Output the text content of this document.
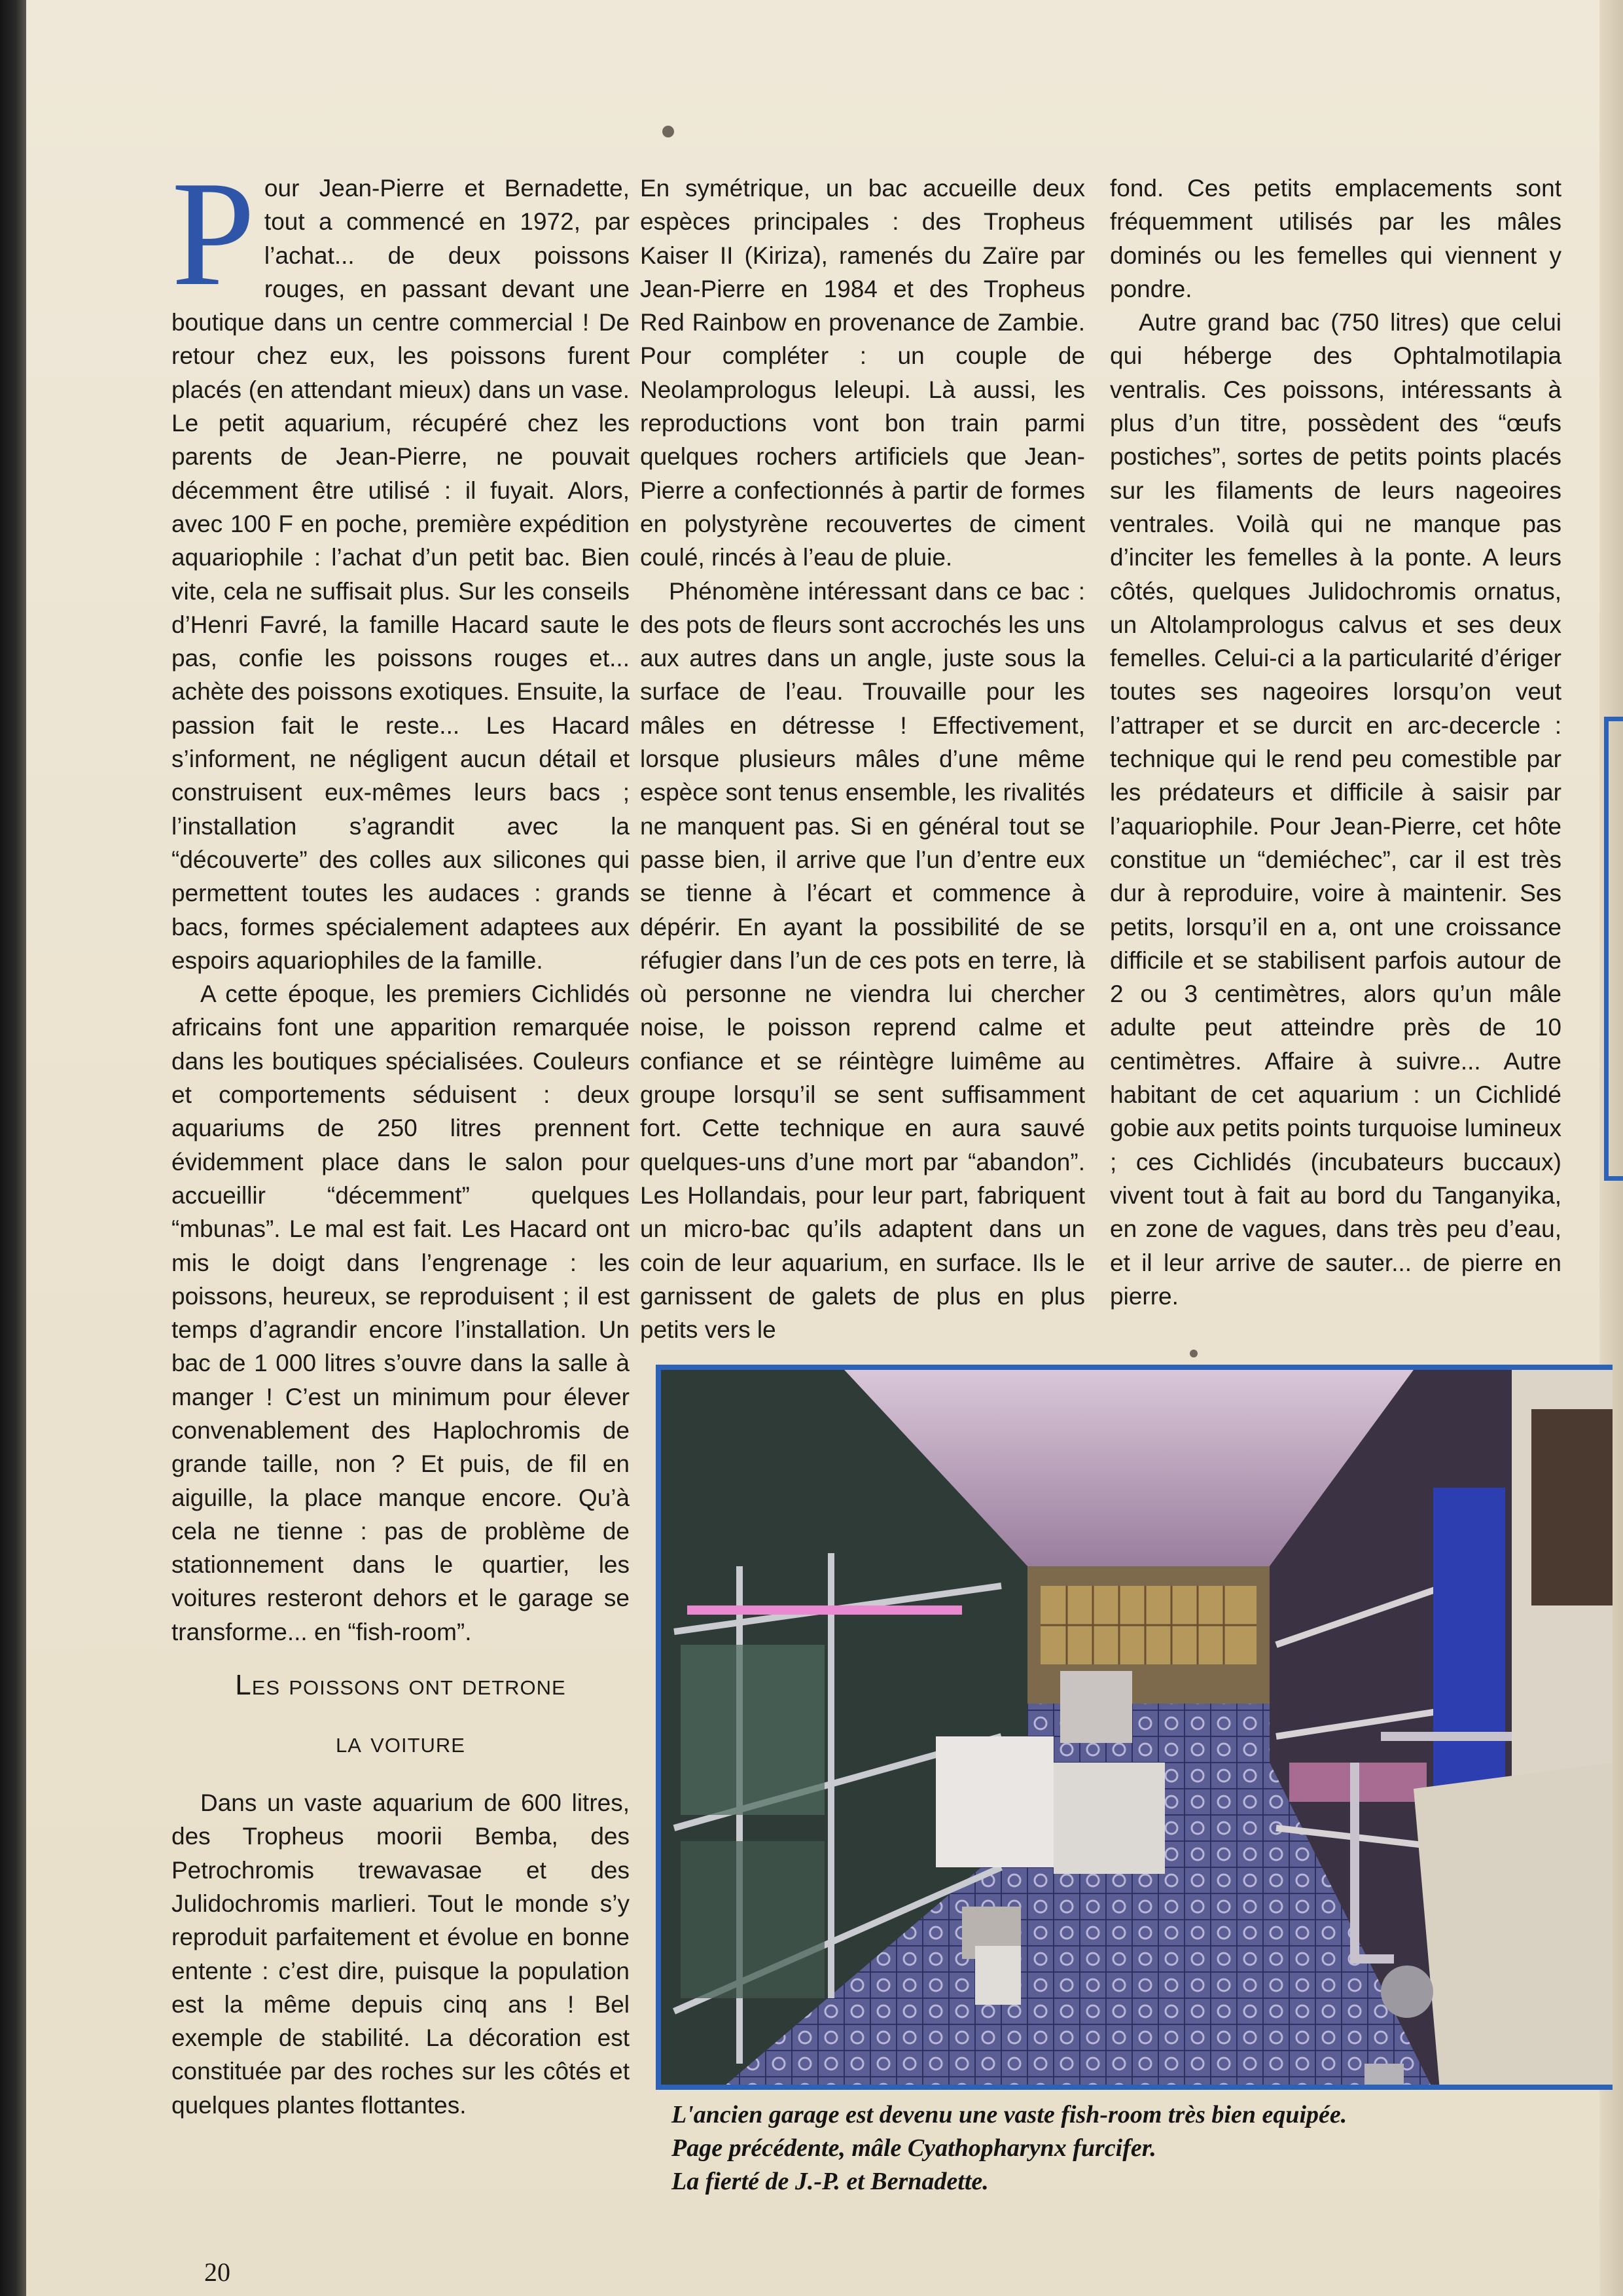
P our Jean-Pierre et Bernadette, tout a commencé en 1972, par l’achat... de deux poissons rouges, en passant devant une boutique dans un centre commercial ! De retour chez eux, les poissons furent placés (en attendant mieux) dans un vase. Le petit aquarium, récupéré chez les parents de Jean-Pierre, ne pouvait décemment être utilisé : il fuyait. Alors, avec 100 F en poche, première expédition aquariophile : l’achat d’un petit bac. Bien vite, cela ne suffisait plus. Sur les conseils d’Henri Favré, la famille Hacard saute le pas, confie les poissons rouges et... achète des poissons exotiques. Ensuite, la passion fait le reste... Les Hacard s’informent, ne négligent aucun détail et construisent eux-mêmes leurs bacs ; l’installation s’agrandit avec la “découverte” des colles aux silicones qui permettent toutes les audaces : grands bacs, formes spécialement adaptees aux espoirs aquariophiles de la famille.

A cette époque, les premiers Cichlidés africains font une apparition remarquée dans les boutiques spécialisées. Couleurs et comportements séduisent : deux aquariums de 250 litres prennent évidemment place dans le salon pour accueillir “décemment” quelques “mbunas”. Le mal est fait. Les Hacard ont mis le doigt dans l’engrenage : les poissons, heureux, se reproduisent ; il est temps d’agrandir encore l’installation. Un bac de 1 000 litres s’ouvre dans la salle à manger ! C’est un minimum pour élever convenablement des Haplochromis de grande taille, non ? Et puis, de fil en aiguille, la place manque encore. Qu’à cela ne tienne : pas de problème de stationnement dans le quartier, les voitures resteront dehors et le garage se transforme... en “fish-room”.

Les poissons ont detrone

la voiture

Dans un vaste aquarium de 600 litres, des Tropheus moorii Bemba, des Petrochromis trewavasae et des Julidochromis marlieri. Tout le monde s’y reproduit parfaitement et évolue en bonne entente : c’est dire, puisque la population est la même depuis cinq ans ! Bel exemple de stabilité. La décoration est constituée par des roches sur les côtés et quelques plantes flottantes.

En symétrique, un bac accueille deux espèces principales : des Tropheus Kaiser II (Kiriza), ramenés du Zaïre par Jean-Pierre en 1984 et des Tropheus Red Rainbow en provenance de Zambie. Pour compléter : un couple de Neolamprologus leleupi. Là aussi, les reproductions vont bon train parmi quelques rochers artificiels que Jean-Pierre a confectionnés à partir de formes en polystyrène recouvertes de ciment coulé, rincés à l’eau de pluie.

Phénomène intéressant dans ce bac : des pots de fleurs sont accrochés les uns aux autres dans un angle, juste sous la surface de l’eau. Trouvaille pour les mâles en détresse ! Effectivement, lorsque plusieurs mâles d’une même espèce sont tenus ensemble, les rivalités ne manquent pas. Si en général tout se passe bien, il arrive que l’un d’entre eux se tienne à l’écart et commence à dépérir. En ayant la possibilité de se réfugier dans l’un de ces pots en terre, là où personne ne viendra lui chercher noise, le poisson reprend calme et confiance et se réintègre luimême au groupe lorsqu’il se sent suffisamment fort. Cette technique en aura sauvé quelques-uns d’une mort par “abandon”. Les Hollandais, pour leur part, fabriquent un micro-bac qu’ils adaptent dans un coin de leur aquarium, en surface. Ils le garnissent de galets de plus en plus petits vers le

fond. Ces petits emplacements sont fréquemment utilisés par les mâles dominés ou les femelles qui viennent y pondre.

Autre grand bac (750 litres) que celui qui héberge des Ophtalmotilapia ventralis. Ces poissons, intéressants à plus d’un titre, possèdent des “œufs postiches”, sortes de petits points placés sur les filaments de leurs nageoires ventrales. Voilà qui ne manque pas d’inciter les femelles à la ponte. A leurs côtés, quelques Julidochromis ornatus, un Altolamprologus calvus et ses deux femelles. Celui-ci a la particularité d’ériger toutes ses nageoires lorsqu’on veut l’attraper et se durcit en arc-decercle : technique qui le rend peu comestible par les prédateurs et difficile à saisir par l’aquariophile. Pour Jean-Pierre, cet hôte constitue un “demiéchec”, car il est très dur à reproduire, voire à maintenir. Ses petits, lorsqu’il en a, ont une croissance difficile et se stabilisent parfois autour de 2 ou 3 centimètres, alors qu’un mâle adulte peut atteindre près de 10 centimètres. Affaire à suivre... Autre habitant de cet aquarium : un Cichlidé gobie aux petits points turquoise lumineux ; ces Cichlidés (incubateurs buccaux) vivent tout à fait au bord du Tanganyika, en zone de vagues, dans très peu d’eau, et il leur arrive de sauter... de pierre en pierre.

L'ancien garage est devenu une vaste fish-room très bien equipée.
Page précédente, mâle Cyathopharynx furcifer.
La fierté de J.-P. et Bernadette.
20
